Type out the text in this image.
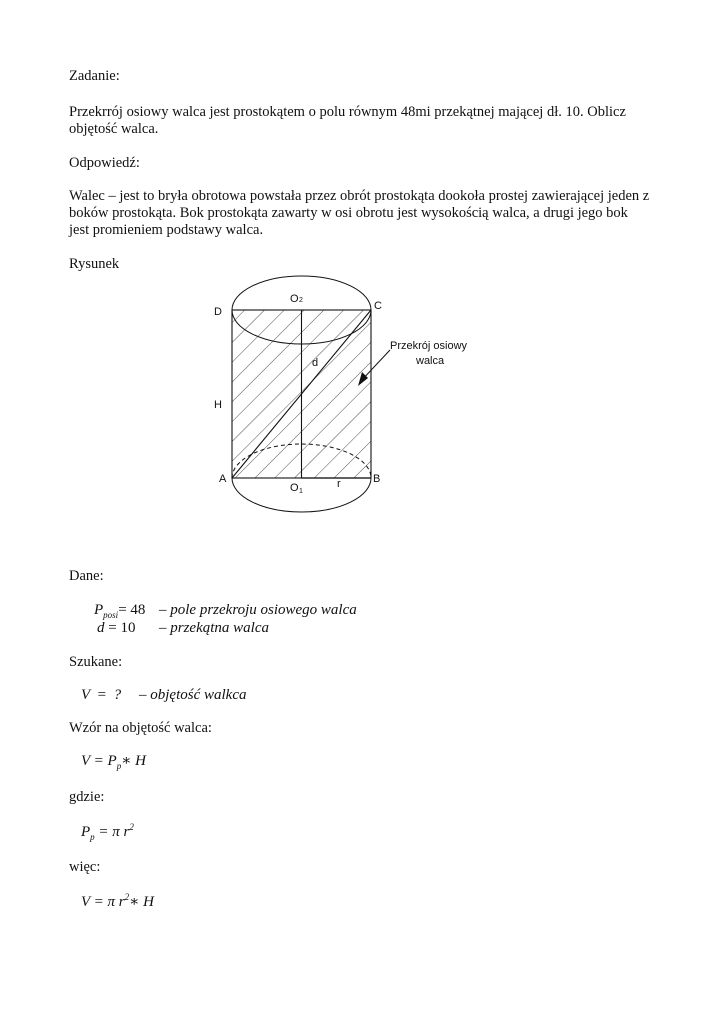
Zadanie:
Przekrrój osiowy walca jest prostokątem o polu równym 48mi przekątnej mającej dł. 10. Oblicz
objętość walca.
Odpowiedź:
Walec – jest to bryła obrotowa powstała przez obrót prostokąta dookoła prostej zawierającej jeden z
boków prostokąta. Bok prostokąta zawarty w osi obrotu jest wysokością walca, a drugi jego bok
jest promieniem podstawy walca.
Rysunek
D	C
A	B
H
d
r
O 2
O 1
Przekrój osiowy
walca
Dane:
$P_{posi}= 48$ – pole przekroju osiowego walca
d = 10 – przekątna walca
Szukane:
V = ? – objętość walkca
Wzór na objętość walca:
$V = P_p∗$ H
gdzie:
$P_p = \pi$ $r^2$
więc:
V = π $r^2∗$ H
